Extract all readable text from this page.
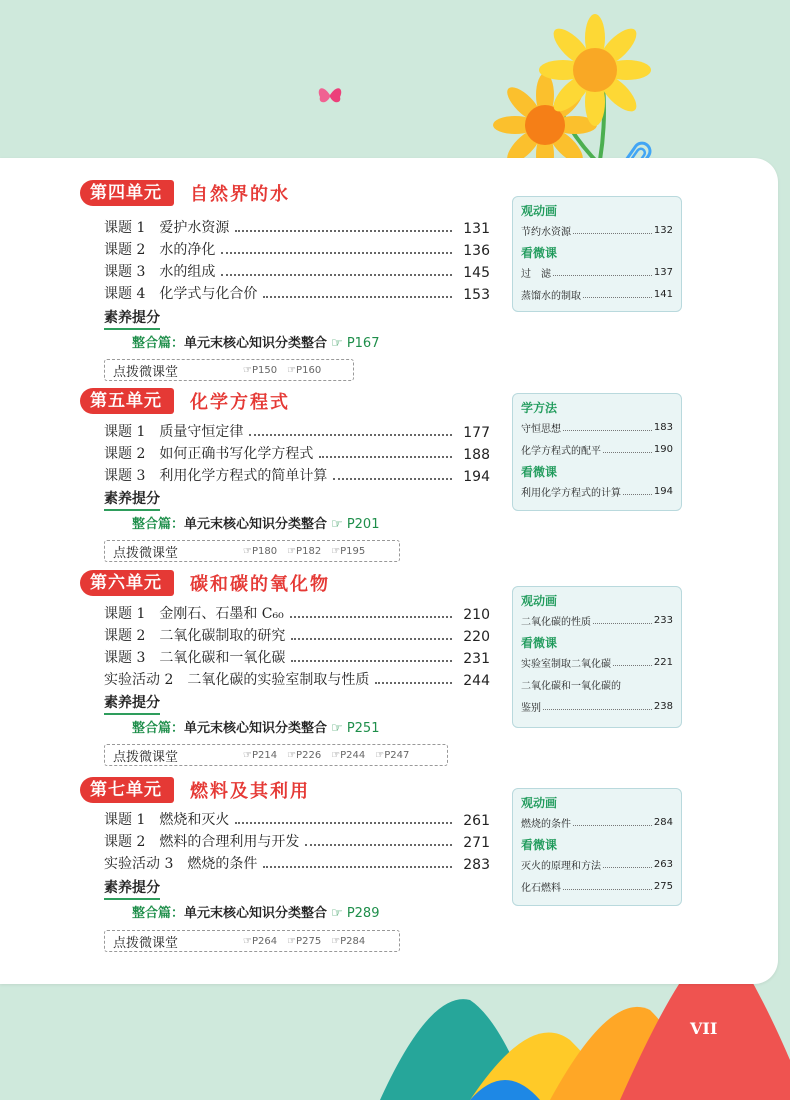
第四单元	自然界的水
课题 1　爱护水资源	131
课题 2　水的净化	136
课题 3　水的组成	145
课题 4　化学式与化合价	153
素养提分
整合篇：单元末核心知识分类整合 ☞ P167
点拨微课堂	☞P150 ☞P160
观动画
节约水资源	132
看微课
过　滤	137
蒸馏水的制取	141
第五单元	化学方程式
课题 1　质量守恒定律	177
课题 2　如何正确书写化学方程式	188
课题 3　利用化学方程式的简单计算	194
素养提分
整合篇：单元末核心知识分类整合 ☞ P201
点拨微课堂	☞P180 ☞P182 ☞P195
学方法
守恒思想	183
化学方程式的配平	190
看微课
利用化学方程式的计算	194
第六单元	碳和碳的氧化物
课题 1　金刚石、石墨和 C₆₀	210
课题 2　二氧化碳制取的研究	220
课题 3　二氧化碳和一氧化碳	231
实验活动 2　二氧化碳的实验室制取与性质	244
素养提分
整合篇：单元末核心知识分类整合 ☞ P251
点拨微课堂	☞P214 ☞P226 ☞P244 ☞P247
观动画
二氧化碳的性质	233
看微课
实验室制取二氧化碳	221
二氧化碳和一氧化碳的
鉴别	238
第七单元	燃料及其利用
课题 1　燃烧和灭火	261
课题 2　燃料的合理利用与开发	271
实验活动 3　燃烧的条件	283
素养提分
整合篇：单元末核心知识分类整合 ☞ P289
点拨微课堂	☞P264 ☞P275 ☞P284
观动画
燃烧的条件	284
看微课
灭火的原理和方法	263
化石燃料	275
VII
